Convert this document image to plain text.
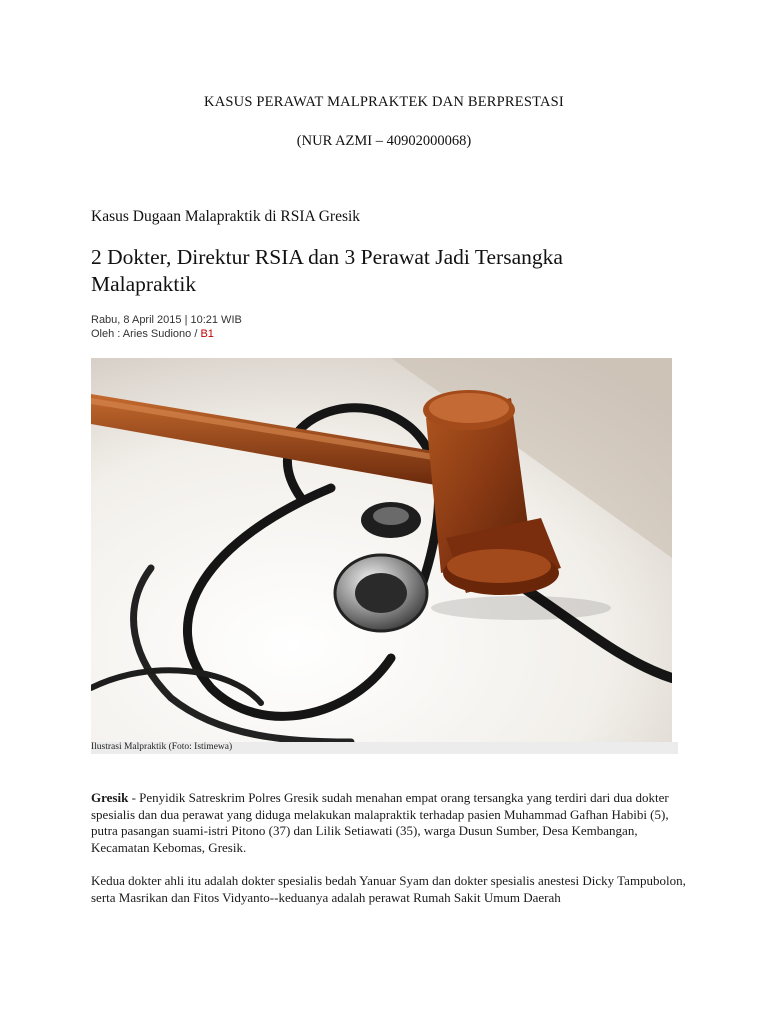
KASUS PERAWAT MALPRAKTEK DAN BERPRESTASI
(NUR AZMI – 40902000068)
Kasus Dugaan Malapraktik di RSIA Gresik
2 Dokter, Direktur RSIA dan 3 Perawat Jadi Tersangka Malapraktik
Rabu, 8 April 2015 | 10:21 WIB
Oleh : Aries Sudiono / B1
Ilustrasi Malpraktik (Foto: Istimewa)
Gresik - Penyidik Satreskrim Polres Gresik sudah menahan empat orang tersangka yang terdiri dari dua dokter spesialis dan dua perawat yang diduga melakukan malapraktik terhadap pasien Muhammad Gafhan Habibi (5), putra pasangan suami-istri Pitono (37) dan Lilik Setiawati (35), warga Dusun Sumber, Desa Kembangan, Kecamatan Kebomas, Gresik.
Kedua dokter ahli itu adalah dokter spesialis bedah Yanuar Syam dan dokter spesialis anestesi Dicky Tampubolon, serta Masrikan dan Fitos Vidyanto--keduanya adalah perawat Rumah Sakit Umum Daerah
